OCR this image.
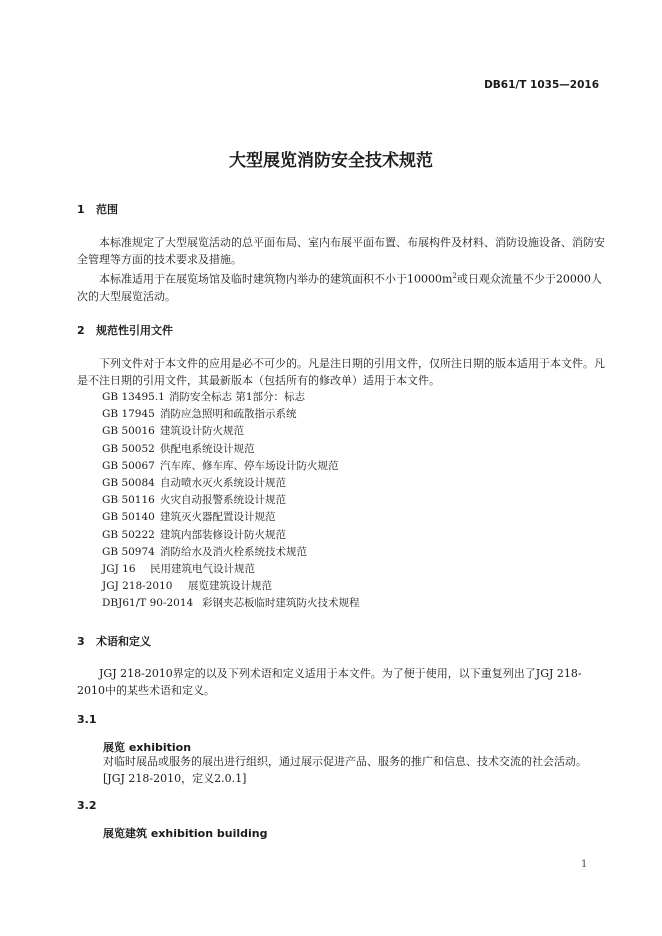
DB61/T 1035—2016
大型展览消防安全技术规范
1 范围
本标准规定了大型展览活动的总平面布局、室内布展平面布置、布展构件及材料、消防设施设备、消防安全管理等方面的技术要求及措施。
本标准适用于在展览场馆及临时建筑物内举办的建筑面积不小于$10000m^2$或日观众流量不少于20000人次的大型展览活动。
2 规范性引用文件
下列文件对于本文件的应用是必不可少的。凡是注日期的引用文件，仅所注日期的版本适用于本文件。凡是不注日期的引用文件，其最新版本（包括所有的修改单）适用于本文件。
GB 13495.1 消防安全标志 第1部分：标志
GB 17945 消防应急照明和疏散指示系统
GB 50016 建筑设计防火规范
GB 50052 供配电系统设计规范
GB 50067 汽车库、修车库、停车场设计防火规范
GB 50084 自动喷水灭火系统设计规范
GB 50116 火灾自动报警系统设计规范
GB 50140 建筑灭火器配置设计规范
GB 50222 建筑内部装修设计防火规范
GB 50974 消防给水及消火栓系统技术规范
JGJ 16 民用建筑电气设计规范
JGJ 218-2010 展览建筑设计规范
DBJ61/T 90-2014 彩钢夹芯板临时建筑防火技术规程
3 术语和定义
JGJ 218-2010界定的以及下列术语和定义适用于本文件。为了便于使用，以下重复列出了JGJ 218-2010中的某些术语和定义。
3.1
展览 exhibition
对临时展品或服务的展出进行组织，通过展示促进产品、服务的推广和信息、技术交流的社会活动。
[JGJ 218-2010，定义2.0.1]
3.2
展览建筑 exhibition building
1
